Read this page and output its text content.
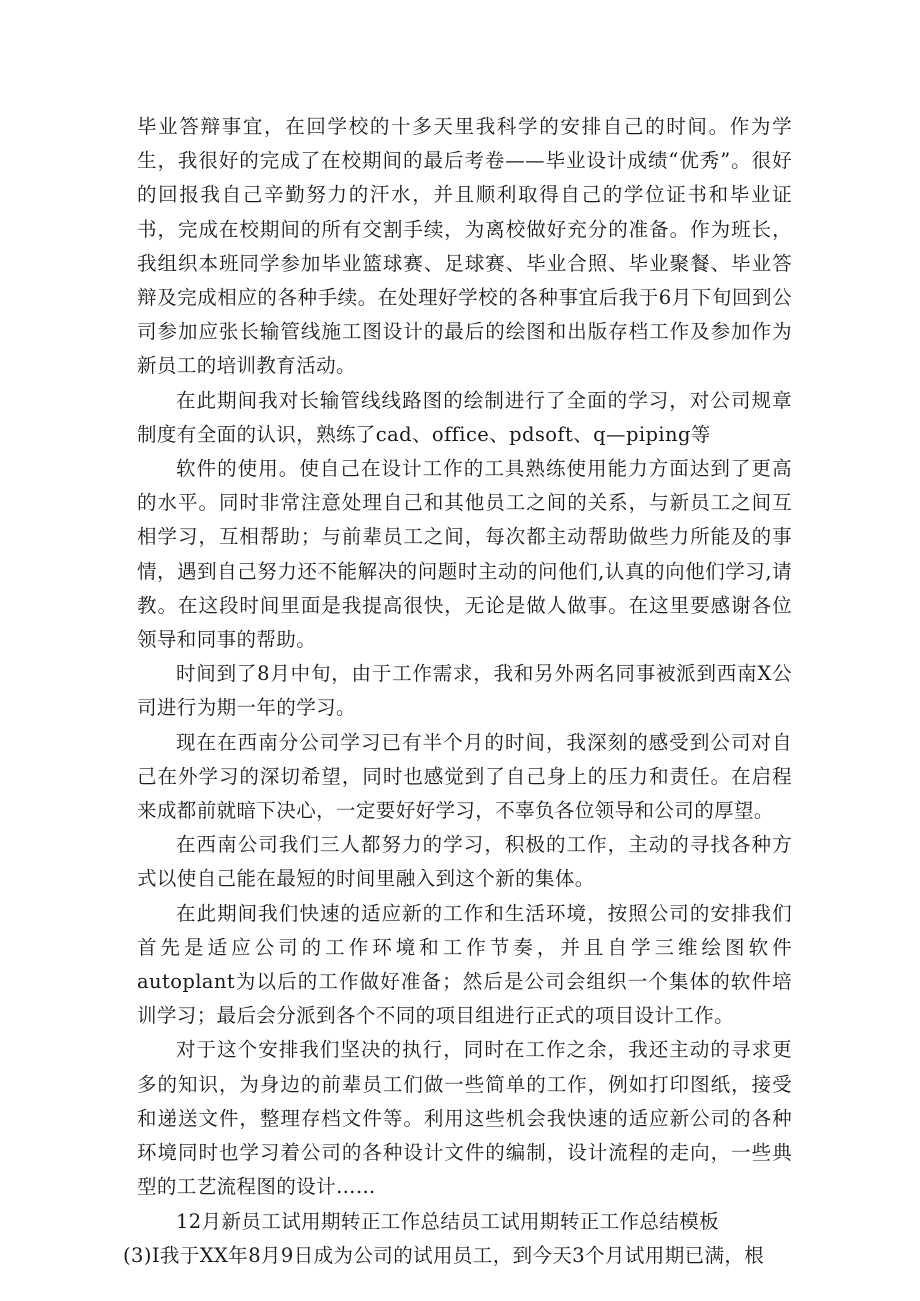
毕业答辩事宜，在回学校的十多天里我科学的安排自己的时间。作为学生，我很好的完成了在校期间的最后考卷——毕业设计成绩“优秀”。很好的回报我自己辛勤努力的汗水，并且顺利取得自己的学位证书和毕业证书，完成在校期间的所有交割手续，为离校做好充分的准备。作为班长，我组织本班同学参加毕业篮球赛、足球赛、毕业合照、毕业聚餐、毕业答辩及完成相应的各种手续。在处理好学校的各种事宜后我于6月下旬回到公司参加应张长输管线施工图设计的最后的绘图和出版存档工作及参加作为新员工的培训教育活动。

在此期间我对长输管线线路图的绘制进行了全面的学习，对公司规章制度有全面的认识，熟练了cad、office、pdsoft、q—piping等

软件的使用。使自己在设计工作的工具熟练使用能力方面达到了更高的水平。同时非常注意处理自己和其他员工之间的关系，与新员工之间互相学习，互相帮助；与前辈员工之间，每次都主动帮助做些力所能及的事情，遇到自己努力还不能解决的问题时主动的问他们,认真的向他们学习,请教。在这段时间里面是我提高很快，无论是做人做事。在这里要感谢各位领导和同事的帮助。

时间到了8月中旬，由于工作需求，我和另外两名同事被派到西南X公司进行为期一年的学习。

现在在西南分公司学习已有半个月的时间，我深刻的感受到公司对自己在外学习的深切希望，同时也感觉到了自己身上的压力和责任。在启程来成都前就暗下决心，一定要好好学习，不辜负各位领导和公司的厚望。

在西南公司我们三人都努力的学习，积极的工作，主动的寻找各种方式以使自己能在最短的时间里融入到这个新的集体。

在此期间我们快速的适应新的工作和生活环境，按照公司的安排我们首先是适应公司的工作环境和工作节奏，并且自学三维绘图软件autoplant为以后的工作做好准备；然后是公司会组织一个集体的软件培训学习；最后会分派到各个不同的项目组进行正式的项目设计工作。

对于这个安排我们坚决的执行，同时在工作之余，我还主动的寻求更多的知识，为身边的前辈员工们做一些简单的工作，例如打印图纸，接受和递送文件，整理存档文件等。利用这些机会我快速的适应新公司的各种环境同时也学习着公司的各种设计文件的编制，设计流程的走向，一些典型的工艺流程图的设计……

12月新员工试用期转正工作总结员工试用期转正工作总结模板

(3)I我于XX年8月9日成为公司的试用员工，到今天3个月试用期已满，根
